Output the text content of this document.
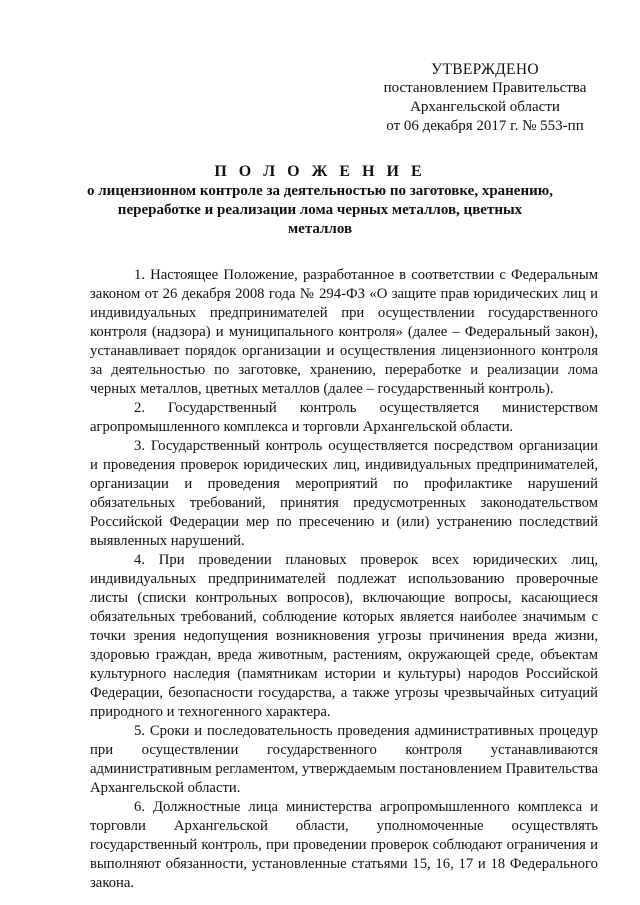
УТВЕРЖДЕНО
постановлением Правительства
Архангельской области
от 06 декабря 2017 г. № 553-пп
П О Л О Ж Е Н И Е
о лицензионном контроле за деятельностью по заготовке, хранению, переработке и реализации лома черных металлов, цветных металлов

1. Настоящее Положение, разработанное в соответствии с Федеральным законом от 26 декабря 2008 года № 294-ФЗ «О защите прав юридических лиц и индивидуальных предпринимателей при осуществлении государственного контроля (надзора) и муниципального контроля» (далее – Федеральный закон), устанавливает порядок организации и осуществления лицензионного контроля за деятельностью по заготовке, хранению, переработке и реализации лома черных металлов, цветных металлов (далее – государственный контроль).

2. Государственный контроль осуществляется министерством агропромышленного комплекса и торговли Архангельской области.

3. Государственный контроль осуществляется посредством организации и проведения проверок юридических лиц, индивидуальных предпринимателей, организации и проведения мероприятий по профилактике нарушений обязательных требований, принятия предусмотренных законодательством Российской Федерации мер по пресечению и (или) устранению последствий выявленных нарушений.

4. При проведении плановых проверок всех юридических лиц, индивидуальных предпринимателей подлежат использованию проверочные листы (списки контрольных вопросов), включающие вопросы, касающиеся обязательных требований, соблюдение которых является наиболее значимым с точки зрения недопущения возникновения угрозы причинения вреда жизни, здоровью граждан, вреда животным, растениям, окружающей среде, объектам культурного наследия (памятникам истории и культуры) народов Российской Федерации, безопасности государства, а также угрозы чрезвычайных ситуаций природного и техногенного характера.

5. Сроки и последовательность проведения административных процедур при осуществлении государственного контроля устанавливаются административным регламентом, утверждаемым постановлением Правительства Архангельской области.

6. Должностные лица министерства агропромышленного комплекса и торговли Архангельской области, уполномоченные осуществлять государственный контроль, при проведении проверок соблюдают ограничения и выполняют обязанности, установленные статьями 15, 16, 17 и 18 Федерального закона.
